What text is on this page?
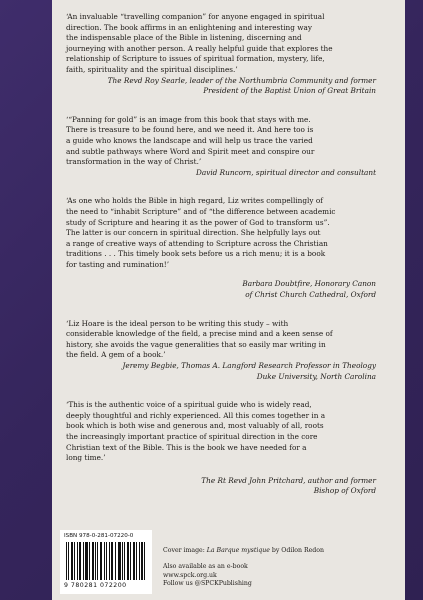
‘An invaluable “travelling companion” for anyone engaged in spiritual

direction. The book affirms in an enlightening and interesting way

the indispensable place of the Bible in listening, discerning and

journeying with another person. A really helpful guide that explores the

relationship of Scripture to issues of spiritual formation, mystery, life,

faith, spirituality and the spiritual disciplines.’

The Revd Roy Searle, leader of the Northumbria Community and former

President of the Baptist Union of Great Britain

‘“Panning for gold” is an image from this book that stays with me.

There is treasure to be found here, and we need it. And here too is

a guide who knows the landscape and will help us trace the varied

and subtle pathways where Word and Spirit meet and conspire our

transformation in the way of Christ.’

David Runcorn, spiritual director and consultant

‘As one who holds the Bible in high regard, Liz writes compellingly of

the need to “inhabit Scripture” and of “the difference between academic

study of Scripture and hearing it as the power of God to transform us”.

The latter is our concern in spiritual direction. She helpfully lays out

a range of creative ways of attending to Scripture across the Christian

traditions . . . This timely book sets before us a rich menu; it is a book

for tasting and rumination!’

Barbara Doubtfire, Honorary Canon

of Christ Church Cathedral, Oxford

‘Liz Hoare is the ideal person to be writing this study – with

considerable knowledge of the field, a precise mind and a keen sense of

history, she avoids the vague generalities that so easily mar writing in

the field. A gem of a book.’

Jeremy Begbie, Thomas A. Langford Research Professor in Theology

Duke University, North Carolina

‘This is the authentic voice of a spiritual guide who is widely read,

deeply thoughtful and richly experienced. All this comes together in a

book which is both wise and generous and, most valuably of all, roots

the increasingly important practice of spiritual direction in the core

Christian text of the Bible. This is the book we have needed for a

long time.’

The Rt Revd John Pritchard, author and former

Bishop of Oxford

ISBN 978-0-281-07220-0
9 780281 072200

Cover image: La Barque mystique by Odilon Redon

Also available as an e-book

www.spck.org.uk

Follow us @SPCKPublishing
